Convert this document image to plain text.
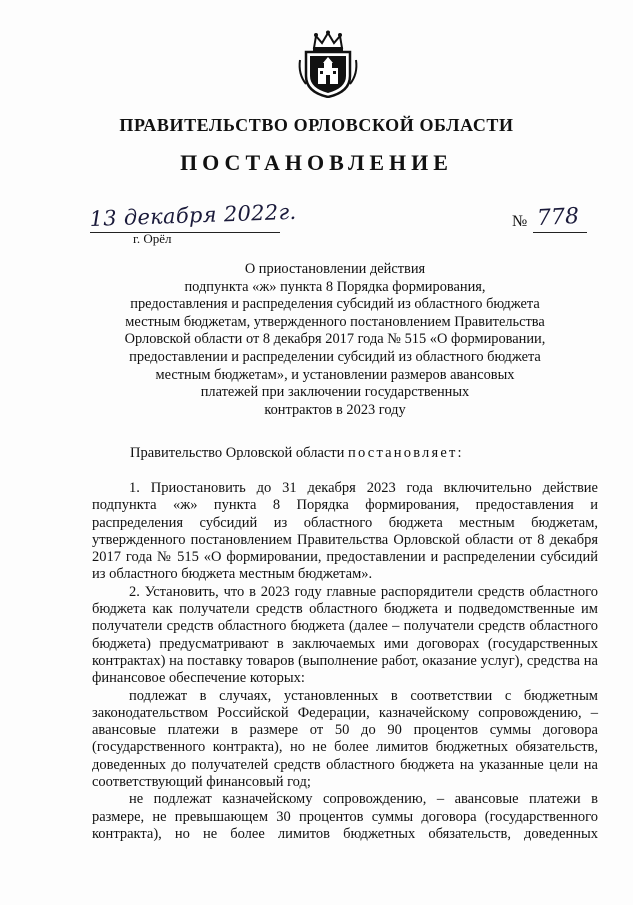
ПРАВИТЕЛЬСТВО ОРЛОВСКОЙ ОБЛАСТИ
ПОСТАНОВЛЕНИЕ
13 декабря 2022г.
г. Орёл
№ 778
О приостановлении действия
подпункта «ж» пункта 8 Порядка формирования,
предоставления и распределения субсидий из областного бюджета
местным бюджетам, утвержденного постановлением Правительства
Орловской области от 8 декабря 2017 года № 515 «О формировании,
предоставлении и распределении субсидий из областного бюджета
местным бюджетам», и установлении размеров авансовых
платежей при заключении государственных
контрактов в 2023 году
Правительство Орловской области постановляет:

1. Приостановить до 31 декабря 2023 года включительно действие подпункта «ж» пункта 8 Порядка формирования, предоставления и распределения субсидий из областного бюджета местным бюджетам, утвержденного постановлением Правительства Орловской области от 8 декабря 2017 года № 515 «О формировании, предоставлении и распределении субсидий из областного бюджета местным бюджетам».

2. Установить, что в 2023 году главные распорядители средств областного бюджета как получатели средств областного бюджета и подведомственные им получатели средств областного бюджета (далее – получатели средств областного бюджета) предусматривают в заключаемых ими договорах (государственных контрактах) на поставку товаров (выполнение работ, оказание услуг), средства на финансовое обеспечение которых:

подлежат в случаях, установленных в соответствии с бюджетным законодательством Российской Федерации, казначейскому сопровождению, – авансовые платежи в размере от 50 до 90 процентов суммы договора (государственного контракта), но не более лимитов бюджетных обязательств, доведенных до получателей средств областного бюджета на указанные цели на соответствующий финансовый год;

не подлежат казначейскому сопровождению, – авансовые платежи в размере, не превышающем 30 процентов суммы договора (государственного контракта), но не более лимитов бюджетных обязательств, доведенных
